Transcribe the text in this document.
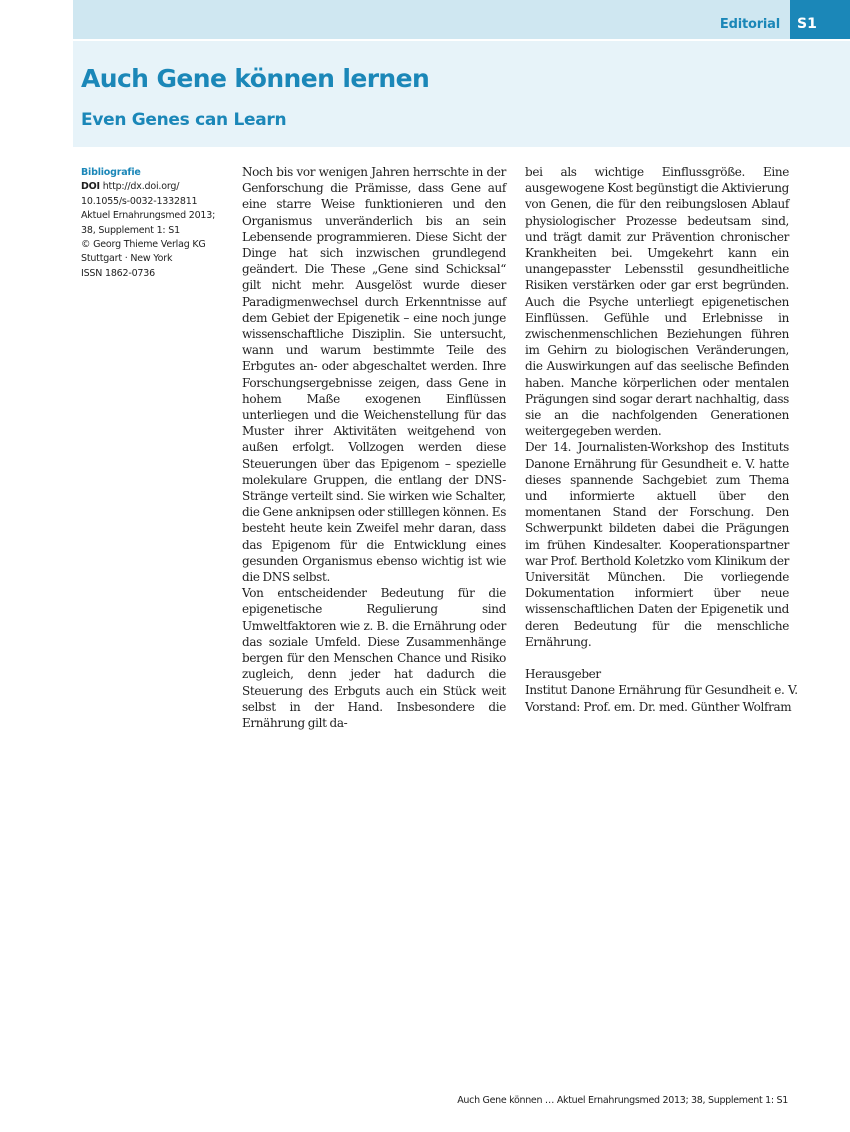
Editorial S1
Auch Gene können lernen
Even Genes can Learn
Bibliografie
DOI http://dx.doi.org/
10.1055/s-0032-1332811
Aktuel Ernahrungsmed 2013;
38, Supplement 1: S1
© Georg Thieme Verlag KG
Stuttgart · New York
ISSN 1862-0736

Noch bis vor wenigen Jahren herrschte in der Genforschung die Prämisse, dass Gene auf eine starre Weise funktionieren und den Organismus unveränderlich bis an sein Lebensende programmieren. Diese Sicht der Dinge hat sich inzwischen grundlegend geändert. Die These „Gene sind Schicksal“ gilt nicht mehr. Ausgelöst wurde dieser Paradigmenwechsel durch Erkenntnisse auf dem Gebiet der Epigenetik – eine noch junge wissenschaftliche Disziplin. Sie untersucht, wann und warum bestimmte Teile des Erbgutes an- oder abgeschaltet werden. Ihre Forschungsergebnisse zeigen, dass Gene in hohem Maße exogenen Einflüssen unterliegen und die Weichenstellung für das Muster ihrer Aktivitäten weitgehend von außen erfolgt. Vollzogen werden diese Steuerungen über das Epigenom – spezielle molekulare Gruppen, die entlang der DNS-Stränge verteilt sind. Sie wirken wie Schalter, die Gene anknipsen oder stilllegen können. Es besteht heute kein Zweifel mehr daran, dass das Epigenom für die Entwicklung eines gesunden Organismus ebenso wichtig ist wie die DNS selbst.

Von entscheidender Bedeutung für die epigenetische Regulierung sind Umweltfaktoren wie z. B. die Ernährung oder das soziale Umfeld. Diese Zusammenhänge bergen für den Menschen Chance und Risiko zugleich, denn jeder hat dadurch die Steuerung des Erbguts auch ein Stück weit selbst in der Hand. Insbesondere die Ernährung gilt da-

bei als wichtige Einflussgröße. Eine ausgewogene Kost begünstigt die Aktivierung von Genen, die für den reibungslosen Ablauf physiologischer Prozesse bedeutsam sind, und trägt damit zur Prävention chronischer Krankheiten bei. Umgekehrt kann ein unangepasster Lebensstil gesundheitliche Risiken verstärken oder gar erst begründen. Auch die Psyche unterliegt epigenetischen Einflüssen. Gefühle und Erlebnisse in zwischenmenschlichen Beziehungen führen im Gehirn zu biologischen Veränderungen, die Auswirkungen auf das seelische Befinden haben. Manche körperlichen oder mentalen Prägungen sind sogar derart nachhaltig, dass sie an die nachfolgenden Generationen weitergegeben werden.

Der 14. Journalisten-Workshop des Instituts Danone Ernährung für Gesundheit e. V. hatte dieses spannende Sachgebiet zum Thema und informierte aktuell über den momentanen Stand der Forschung. Den Schwerpunkt bildeten dabei die Prägungen im frühen Kindesalter. Kooperationspartner war Prof. Berthold Koletzko vom Klinikum der Universität München. Die vorliegende Dokumentation informiert über neue wissenschaftlichen Daten der Epigenetik und deren Bedeutung für die menschliche Ernährung.

Herausgeber
Institut Danone Ernährung für Gesundheit e. V.
Vorstand: Prof. em. Dr. med. Günther Wolfram
Auch Gene können … Aktuel Ernahrungsmed 2013; 38, Supplement 1: S1
